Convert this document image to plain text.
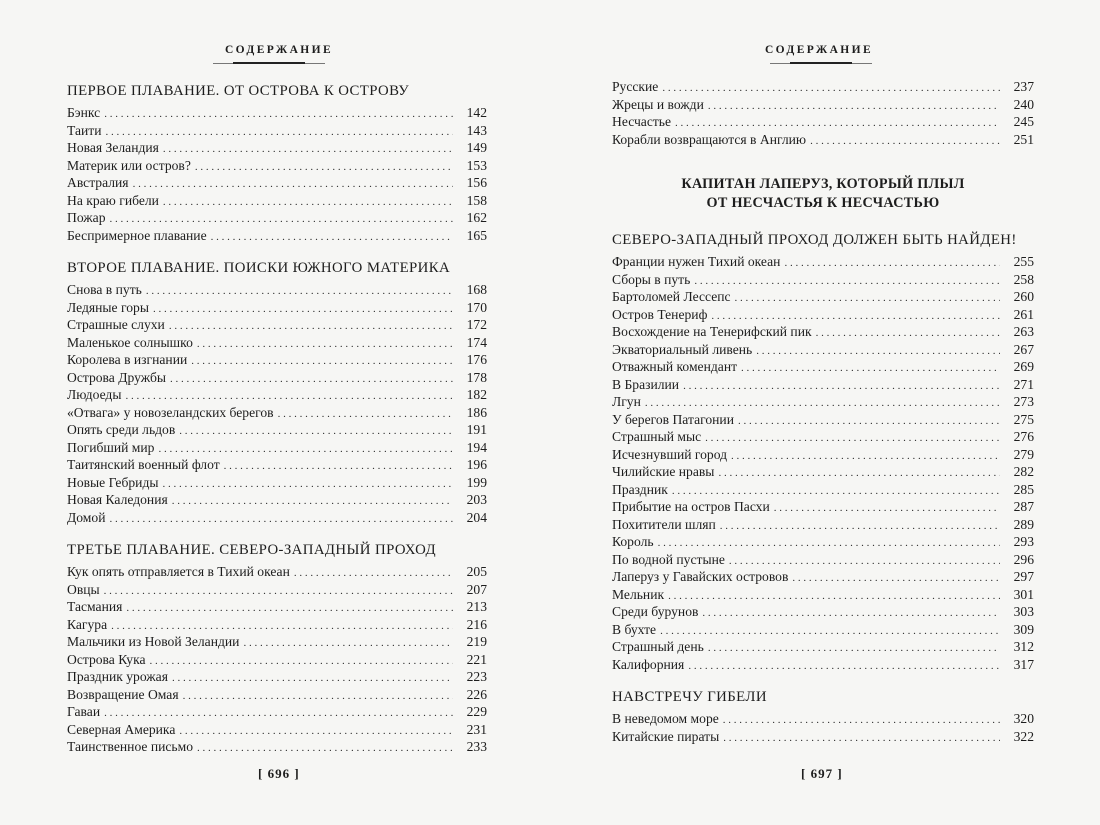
СОДЕРЖАНИЕ
ПЕРВОЕ ПЛАВАНИЕ. ОТ ОСТРОВА К ОСТРОВУ
Бэнкс . . .	142
Таити . . .	143
Новая Зеландия . . .	149
Материк или остров? . . .	153
Австралия . . .	156
На краю гибели . . .	158
Пожар . . .	162
Беспримерное плавание . . .	165
ВТОРОЕ ПЛАВАНИЕ. ПОИСКИ ЮЖНОГО МАТЕРИКА
Снова в путь . . .	168
Ледяные горы . . .	170
Страшные слухи . . .	172
Маленькое солнышко . . .	174
Королева в изгнании . . .	176
Острова Дружбы . . .	178
Людоеды . . .	182
«Отвага» у новозеландских берегов . . .	186
Опять среди льдов . . .	191
Погибший мир . . .	194
Таитянский военный флот . . .	196
Новые Гебриды . . .	199
Новая Каледония . . .	203
Домой . . .	204
ТРЕТЬЕ ПЛАВАНИЕ. СЕВЕРО-ЗАПАДНЫЙ ПРОХОД
Кук опять отправляется в Тихий океан . . .	205
Овцы . . .	207
Тасмания . . .	213
Кагура . . .	216
Мальчики из Новой Зеландии . . .	219
Острова Кука . . .	221
Праздник урожая . . .	223
Возвращение Омая . . .	226
Гаваи . . .	229
Северная Америка . . .	231
Таинственное письмо . . .	233
[ 696 ]
СОДЕРЖАНИЕ
Русские . . .	237
Жрецы и вожди . . .	240
Несчастье . . .	245
Корабли возвращаются в Англию . . .	251
КАПИТАН ЛАПЕРУЗ, КОТОРЫЙ ПЛЫЛ
ОТ НЕСЧАСТЬЯ К НЕСЧАСТЬЮ
СЕВЕРО-ЗАПАДНЫЙ ПРОХОД ДОЛЖЕН БЫТЬ НАЙДЕН!
Франции нужен Тихий океан . . .	255
Сборы в путь . . .	258
Бартоломей Лессепс . . .	260
Остров Тенериф . . .	261
Восхождение на Тенерифский пик . . .	263
Экваториальный ливень . . .	267
Отважный комендант . . .	269
В Бразилии . . .	271
Лгун . . .	273
У берегов Патагонии . . .	275
Страшный мыс . . .	276
Исчезнувший город . . .	279
Чилийские нравы . . .	282
Праздник . . .	285
Прибытие на остров Пасхи . . .	287
Похитители шляп . . .	289
Король . . .	293
По водной пустыне . . .	296
Лаперуз у Гавайских островов . . .	297
Мельник . . .	301
Среди бурунов . . .	303
В бухте . . .	309
Страшный день . . .	312
Калифорния . . .	317
НАВСТРЕЧУ ГИБЕЛИ
В неведомом море . . .	320
Китайские пираты . . .	322
[ 697 ]
